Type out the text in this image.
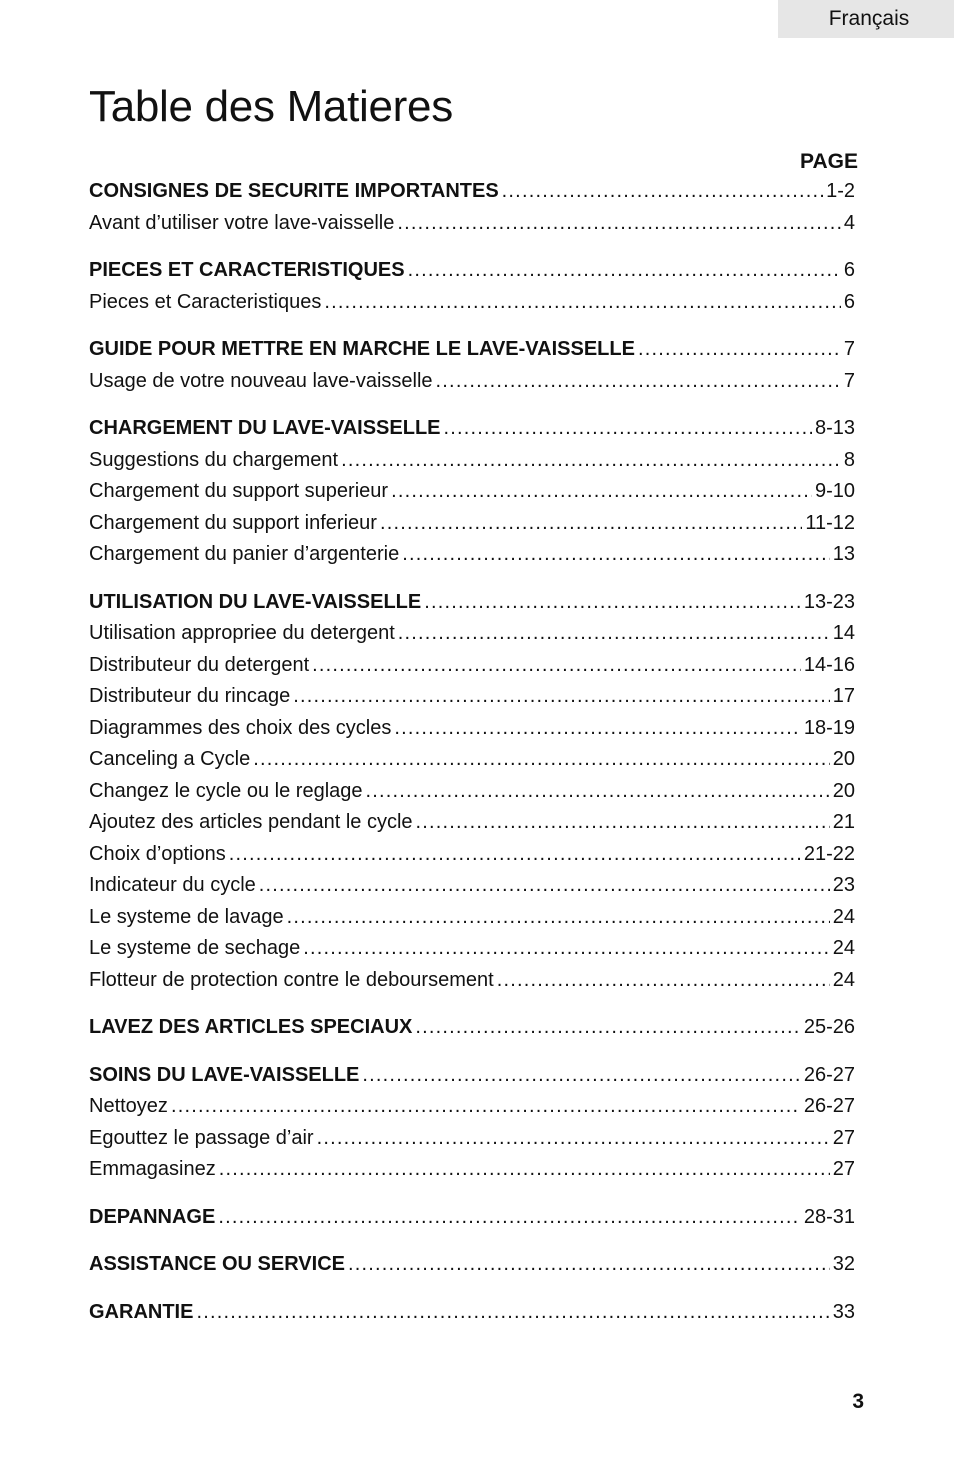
Français
Table des Matieres
PAGE
CONSIGNES DE SECURITE IMPORTANTES .....	1-2
Avant d’utiliser votre lave-vaisselle .....	4
PIECES ET CARACTERISTIQUES .....	6
Pieces et Caracteristiques .....	6
GUIDE POUR METTRE EN MARCHE LE LAVE-VAISSELLE .....	7
Usage de votre nouveau lave-vaisselle .....	7
CHARGEMENT DU LAVE-VAISSELLE .....	8-13
Suggestions du chargement .....	8
Chargement du support superieur .....	9-10
Chargement du support inferieur .....	11-12
Chargement du panier d’argenterie .....	13
UTILISATION DU LAVE-VAISSELLE .....	13-23
Utilisation appropriee du detergent .....	14
Distributeur du detergent .....	14-16
Distributeur du rincage .....	17
Diagrammes des choix des cycles .....	18-19
Canceling a Cycle .....	20
Changez le cycle ou le reglage .....	20
Ajoutez des articles pendant le cycle .....	21
Choix d’options .....	21-22
Indicateur du cycle .....	23
Le systeme de lavage .....	24
Le systeme de sechage .....	24
Flotteur de protection contre le deboursement .....	24
LAVEZ DES ARTICLES SPECIAUX .....	25-26
SOINS DU LAVE-VAISSELLE .....	26-27
Nettoyez .....	26-27
Egouttez le passage d’air .....	27
Emmagasinez .....	27
DEPANNAGE .....	28-31
ASSISTANCE OU SERVICE .....	32
GARANTIE .....	33
3
